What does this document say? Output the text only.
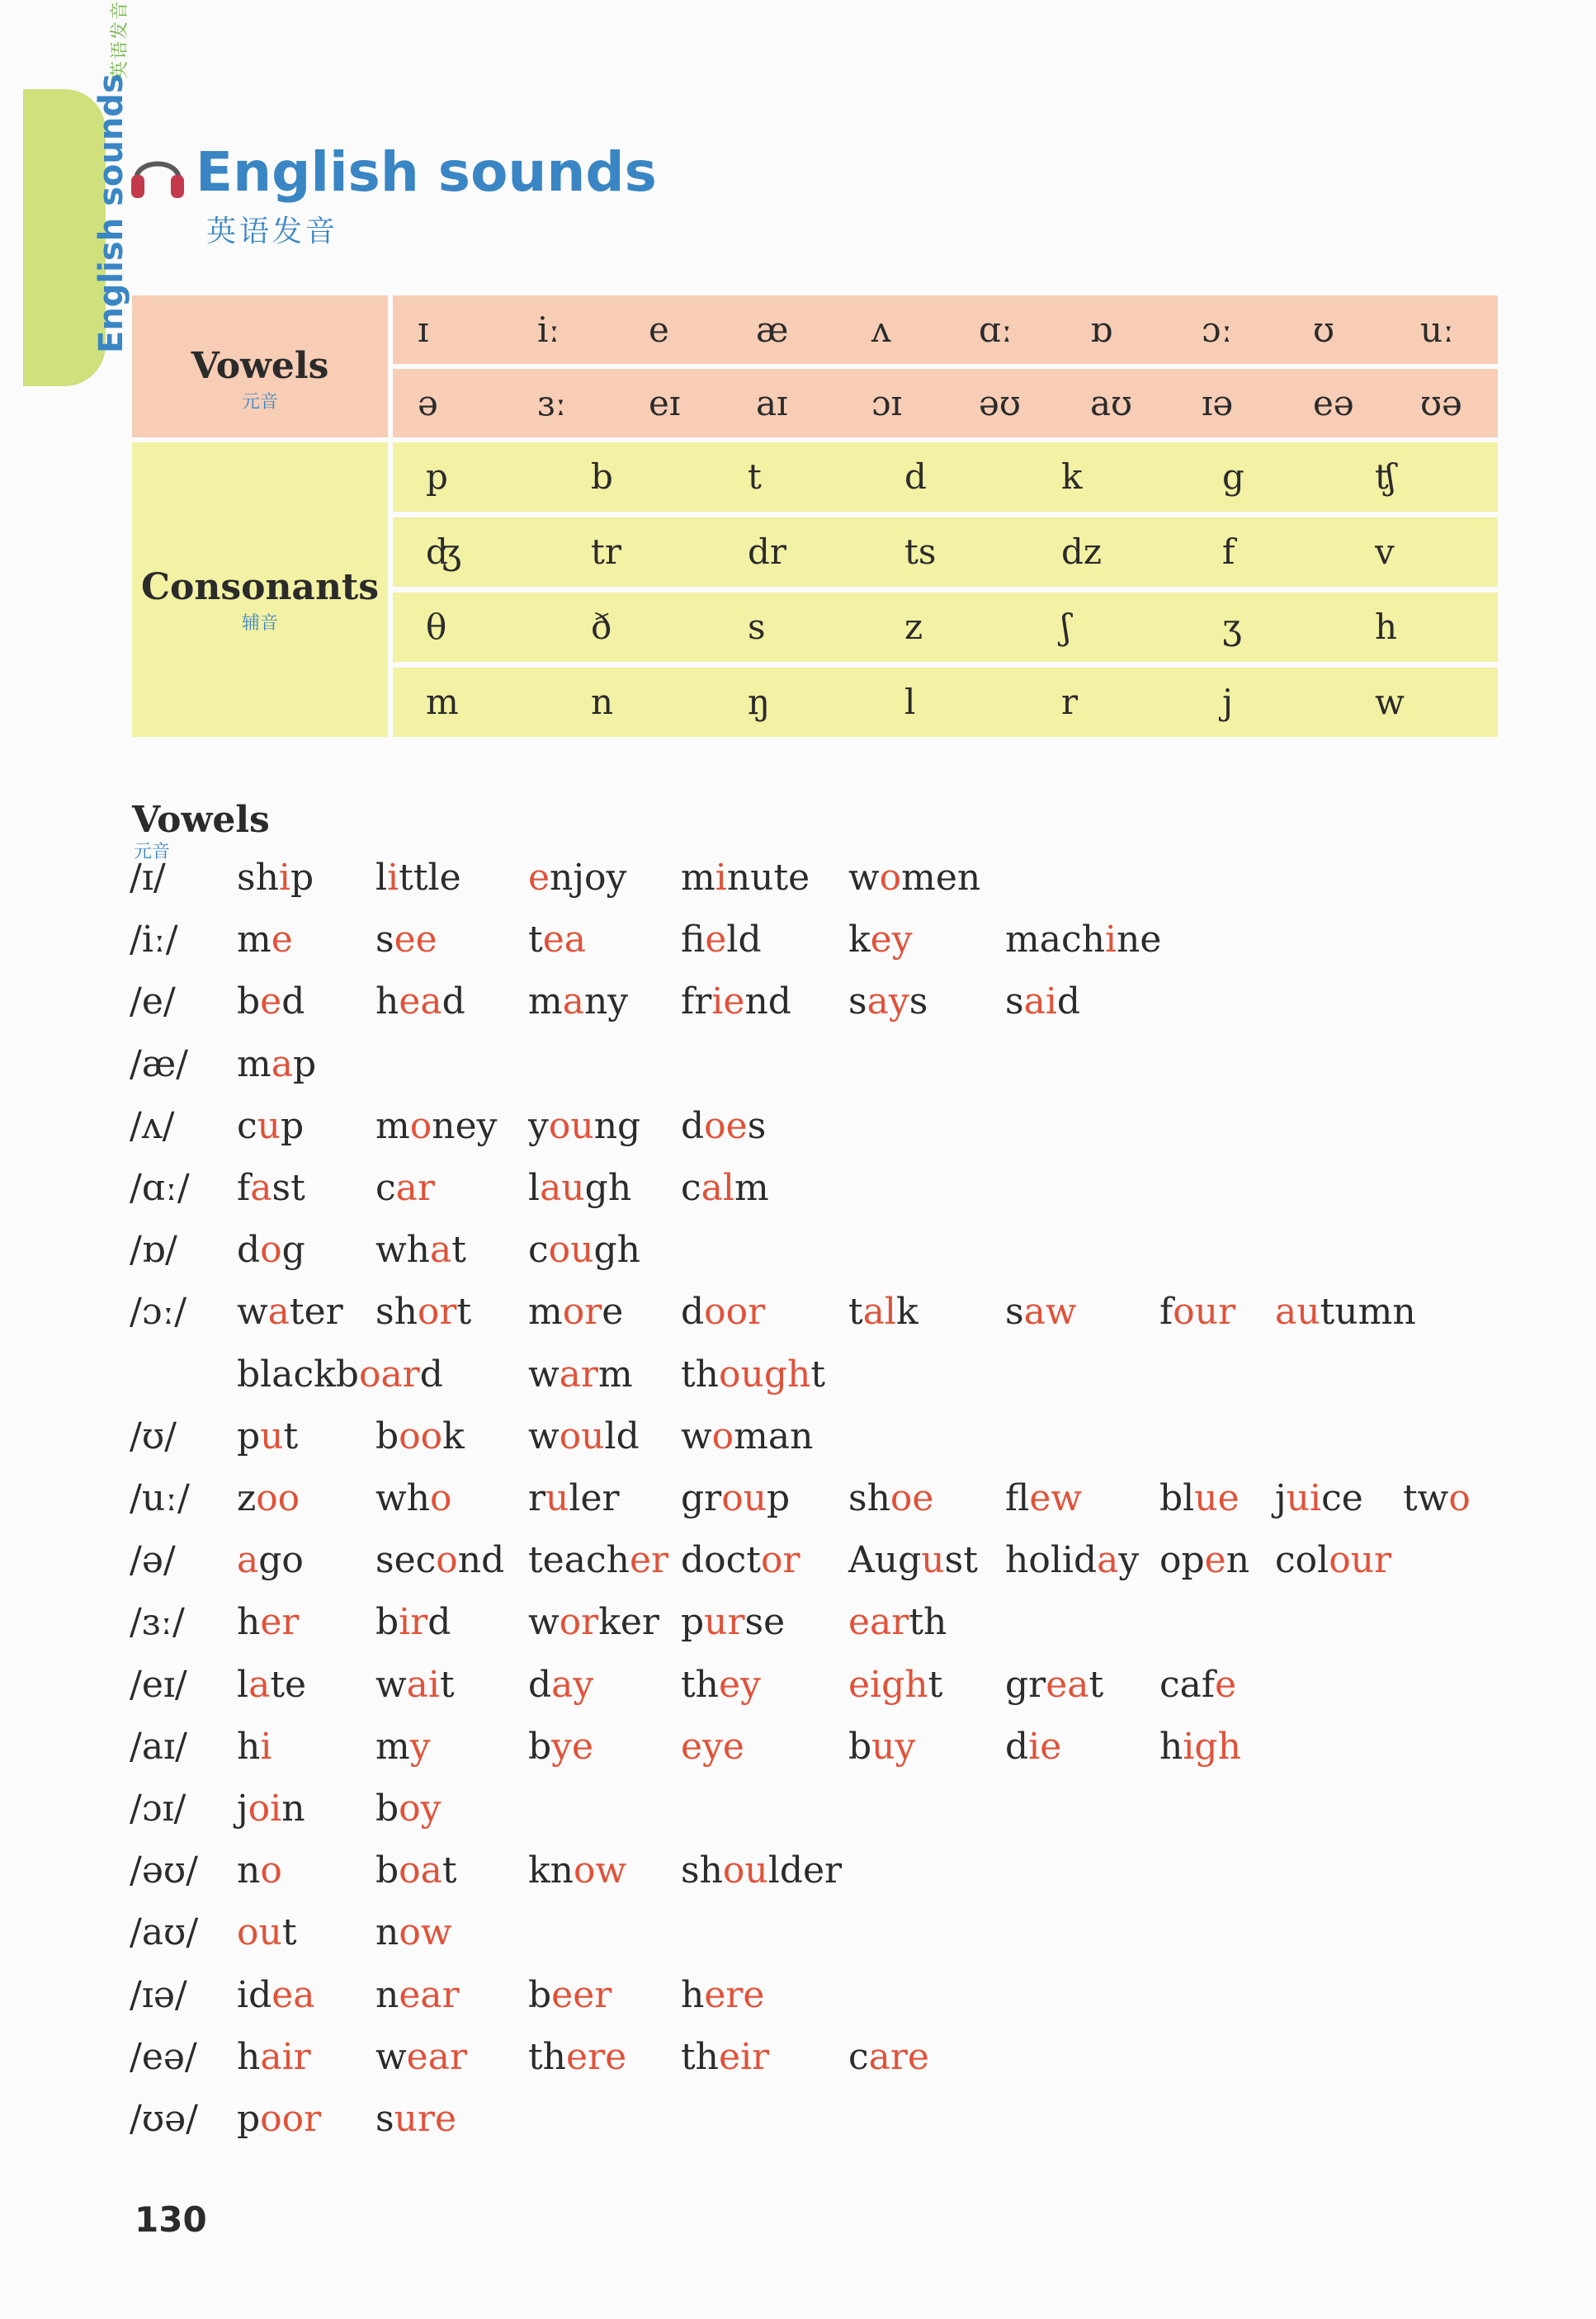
English sounds
英语发音
English sounds
英语发音
Vowels
元音
Consonants
辅音
ɪ	iː	e	æ ʌ	ɑː ɒ	ɔː ʊ uː
ə	ɜː eɪ aɪ ɔɪ əʊ aʊ ɪə eə ʊə
p	b	t	d	k	g	ʧ
ʤ	tr	dr	ts	dz	f	v
θ	ð	s	z	ʃ	ʒ	h
m	n	ŋ	l	r	j	w
Vowels
元音
/ɪ/ ship little enjoy minute women
/iː/ me see	tea	field key	machine
/e/ bed head many friend says said
/æ/ map
/ʌ/ cup money young does
/ɑː/ fast car	laugh calm
/ɒ/ dog what cough
/ɔː/ water short more door talk saw four autumn
blackboard warm thought
/ʊ/ put book would woman
/uː/ zoo who ruler group shoe flew blue juice two
/ə/ ago second teacher doctor August holiday open colour
/ɜː/ her bird worker purse earth
/eɪ/ late wait day they eight great cafe
/aɪ/ hi	my	bye eye	buy die	high
/ɔɪ/ join boy
/əʊ/ no	boat know shoulder
/aʊ/ out now
/ɪə/ idea near beer here
/eə/ hair wear there their care
/ʊə/ poor sure
130
